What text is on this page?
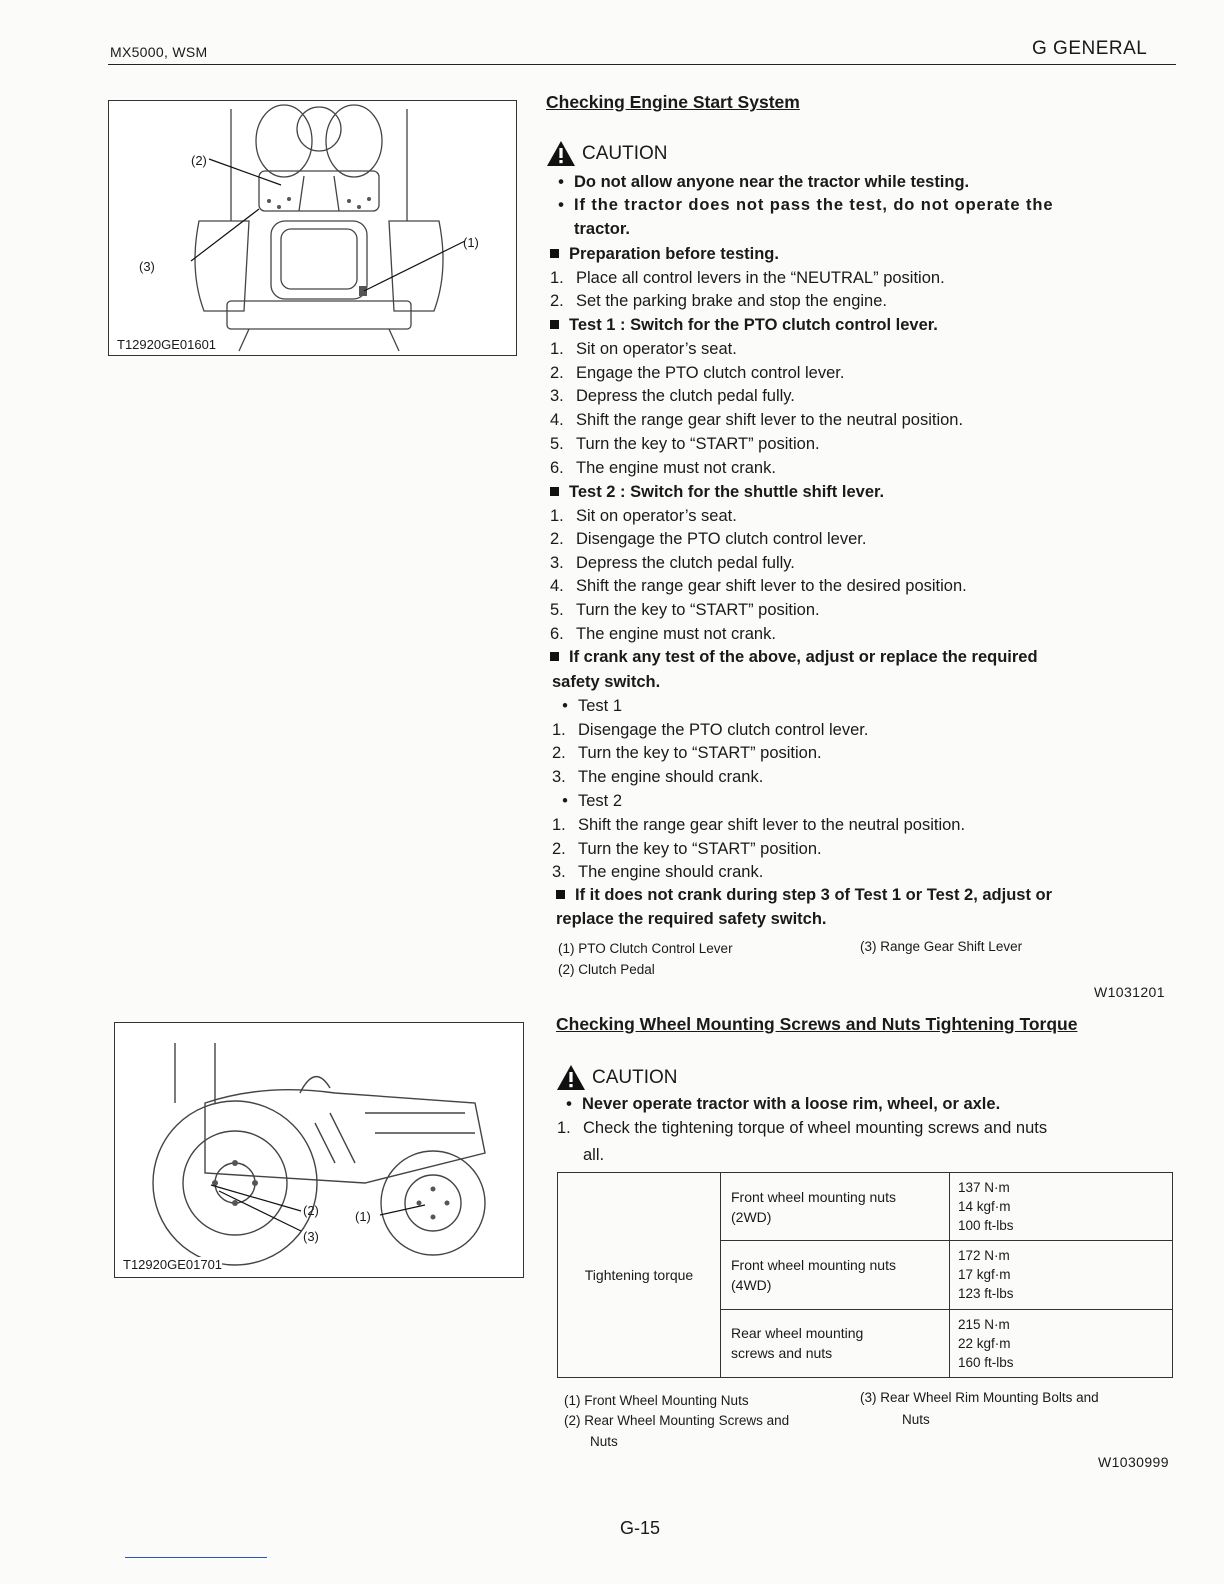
MX5000, WSM	G GENERAL
(2)
(3)
(1)
T12920GE01601
Checking Engine Start System
CAUTION
• Do not allow anyone near the tractor while testing.
• If the tractor does not pass the test, do not operate the
tractor.
Preparation before testing.
1. Place all control levers in the “NEUTRAL” position.
2. Set the parking brake and stop the engine.
Test 1 : Switch for the PTO clutch control lever.
1. Sit on operator’s seat.
2. Engage the PTO clutch control lever.
3. Depress the clutch pedal fully.
4. Shift the range gear shift lever to the neutral position.
5. Turn the key to “START” position.
6. The engine must not crank.
Test 2 : Switch for the shuttle shift lever.
1. Sit on operator’s seat.
2. Disengage the PTO clutch control lever.
3. Depress the clutch pedal fully.
4. Shift the range gear shift lever to the desired position.
5. Turn the key to “START” position.
6. The engine must not crank.
If crank any test of the above, adjust or replace the required
safety switch.
• Test 1
1. Disengage the PTO clutch control lever.
2. Turn the key to “START” position.
3. The engine should crank.
• Test 2
1. Shift the range gear shift lever to the neutral position.
2. Turn the key to “START” position.
3. The engine should crank.
If it does not crank during step 3 of Test 1 or Test 2, adjust or
replace the required safety switch.
(1) PTO Clutch Control Lever
(2) Clutch Pedal
(3) Range Gear Shift Lever
W1031201
(2)
(3)
(1)
T12920GE01701
Checking Wheel Mounting Screws and Nuts Tightening Torque
CAUTION
• Never operate tractor with a loose rim, wheel, or axle.
1. Check the tightening torque of wheel mounting screws and nuts
all.
Tightening torque	Front wheel mounting nuts
(2WD)	137 N·m
14 kgf·m
100 ft-lbs
	Front wheel mounting nuts
(4WD)	172 N·m
17 kgf·m
123 ft-lbs
	Rear wheel mounting
screws and nuts	215 N·m
22 kgf·m
160 ft-lbs
(1) Front Wheel Mounting Nuts
(2) Rear Wheel Mounting Screws and
Nuts
(3) Rear Wheel Rim Mounting Bolts and
Nuts
W1030999
G-15
